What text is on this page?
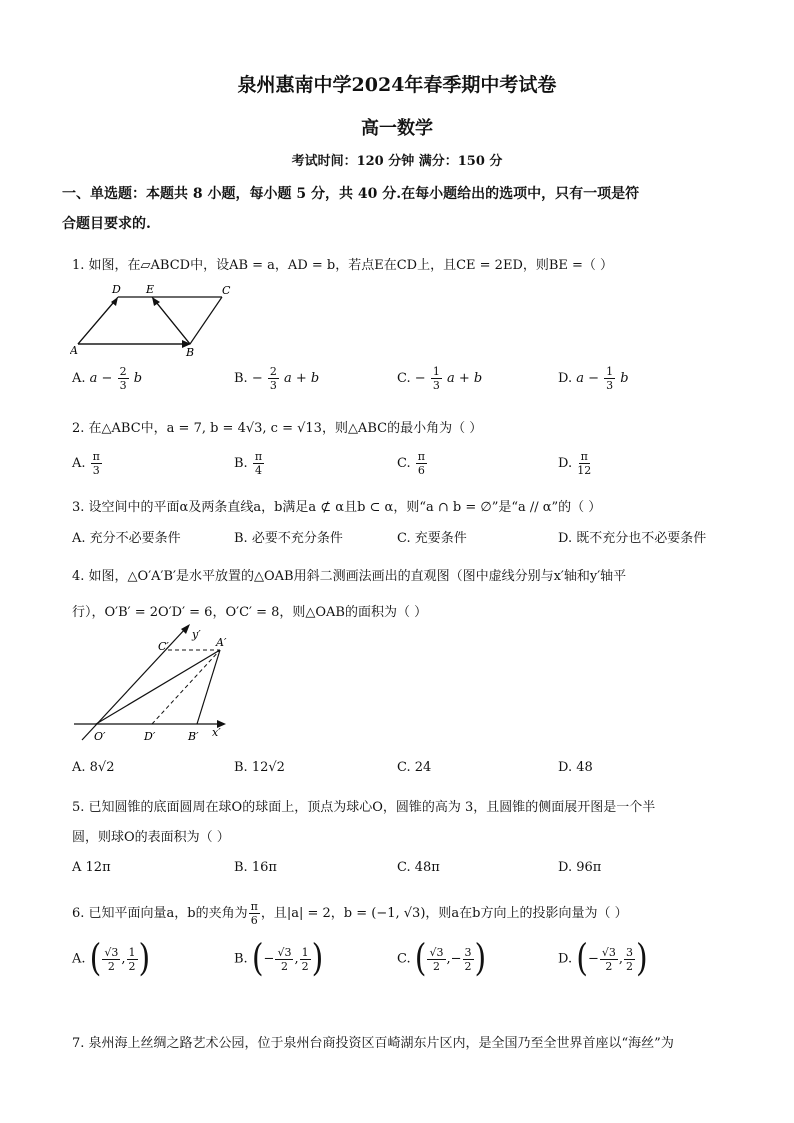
泉州惠南中学2024年春季期中考试卷
高一数学
考试时间：120 分钟 满分：150 分
一、单选题：本题共 8 小题，每小题 5 分，共 40 分.在每小题给出的选项中，只有一项是符
合题目要求的.
1. 如图，在▱ABCD中，设AB = a，AD = b，若点E在CD上，且CE = 2ED，则BE =（ ）
A	B
C
D E
A. $a - \frac{2}{3}$ b	B. − $\frac{2}{3}$ a + b	C. − $\frac{1}{3}$ a + b	D. $a - \frac{1}{3}$ b
2. 在△ABC中，a = 7, b = 4√3, c = √13，则△ABC的最小角为（ ）
A. $\frac{\pi}{3}$	B. $\frac{\pi}{4}$	C. $\frac{\pi}{6}$	D. $\frac{\pi}{12}$
3. 设空间中的平面α及两条直线a，b满足a ⊄ α且b ⊂ α，则“a ∩ b = ∅”是“a // α”的（ ）
A. 充分不必要条件	B. 必要不充分条件	C. 充要条件	D. 既不充分也不必要条件
4. 如图，△O′A′B′是水平放置的△OAB用斜二测画法画出的直观图（图中虚线分别与x′轴和y′轴平
行），O′B′ = 2O′D′ = 6，O′C′ = 8，则△OAB的面积为（ ）
C′
y′
A′
O′	D′	B′ x′
A. 8√2	B. 12√2	C. 24	D. 48
5. 已知圆锥的底面圆周在球O的球面上，顶点为球心O，圆锥的高为 3，且圆锥的侧面展开图是一个半
圆，则球O的表面积为（ ）
A 12π	B. 16π	C. 48π	D. 96π
6. 已知平面向量a，b的夹角为 $\frac{\pi}{6}$ ，且|a| = 2，b = (−1, √3)，则a在b方向上的投影向量为（ ）
A. ( $\frac{√3}{2}$ , $\frac{1}{2}$ )	B. (− $\frac{√3}{2}$ , $\frac{1}{2}$ )	C. ( $\frac{√3}{2}$ ,− $\frac{3}{2}$ )	D. (− $\frac{√3}{2}$ , $\frac{3}{2}$ )
7. 泉州海上丝绸之路艺术公园，位于泉州台商投资区百崎湖东片区内，是全国乃至全世界首座以“海丝”为
